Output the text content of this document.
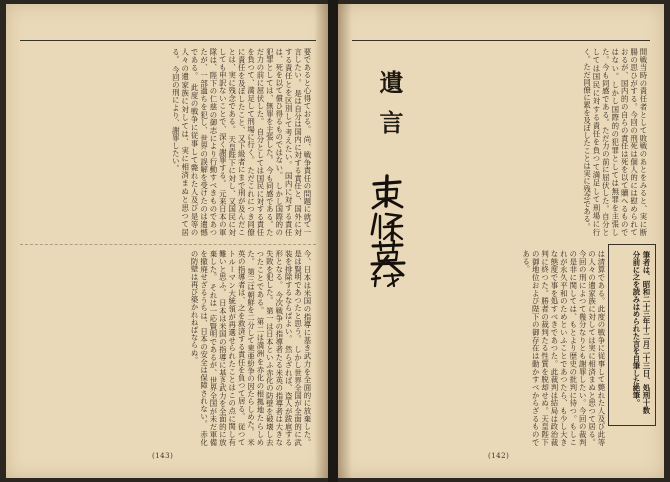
要であると心得ておる。 尚、戦争責任の問題に就て一言したい。 是は自分は国内に対する責任と、国外に対する責任とを区別して考えたい。 国内に対する責任は、死を以て償ひ得るものではない。 しかし国際的の犯罪としては、無罪を主張した。 今も同感である。ただ力の前に屈伏した。 自分としては国民に対する責任を負つて、満足して刑場に行く。 ただこれにつき同僚に責任を及ぼしたこと、又下級者にまで刑が及んだことは、実に残念である。 天皇陛下に対し、又国民に対しても申訳ないことで、深く謝罪する。 元来日本の軍隊は、陛下の仁慈の御志により行動すべきものであつたが、一部過ちを犯し、世界の誤解を受けたのは遺憾である。 此度の戦争に従事して斃れた人及び是等の人々の遺家族に対しては、実に相済まぬと思つて居る。 今回の刑により、謝罪したい。
今、日本は米国の指導に基き武力を全面的に放棄した。 是は賢明であつたと思う。 しかし世界全国が全面的に武装を排除するならばよい。 然らざれば、盗人が跋扈する形となる。 今次戦争の指導者たる米英の指導者は大きな失敗を犯した。 第一は日本といふ赤化の防壁を破壊し去つたことである。 第二は満洲を赤化の根拠地たらしめた。 第三は朝鮮を二分して東亜紛争の因たらしめた。 米英の指導者は、之を救済する責任を負つて居る。 従つてトルーマン大統領が再選せられたことはこの点に関し有難いと思ふ。 日本は米国の指導に基き武力を全面的に放棄した。 それは一応賢明であるが、世界全国が未だ軍備を撤廃せざるうちは、日本の安全は保障されない。 赤化の防壁は再び築かれねばならぬ。
(143)
開戦当時の責任者として敗戦のあとをみると、実に断腸の思ひがする。今回の刑死は個人的には慰められておるが、国内的の自らの責任は死を以て贖へるものではない。しかし国際的の犯罪としては無罪を主張した。今も同感である。ただ力の前に屈伏した。自分としては国民に対する責任を負つて満足して刑場に行く。ただ同僚に累を及ぼしたことは実に残念である。
は清算である。此度の戦争に従事して斃れた人及び此等の人々の遺家族に対しては実に相済まぬと思つて居る。今回の刑によつて幾分なりとも謝罪したい。今回の裁判の是非に関しては、もとより歴史の批判に待つ。もしこれが永久平和のためといふことであつたら、も少し大きな態度で事を処すべきであつた。此裁判は結局は政治裁判に終つた。勝者の裁判たる性質を脱却せぬ。天皇陛下の御地位および陛下の御存在は動かすべからざるものである。
遺言
筆者は、昭和二十三年十二月二十三日、処刑十数分前に之を読みはめられた言を自筆した絶筆。
(142)
